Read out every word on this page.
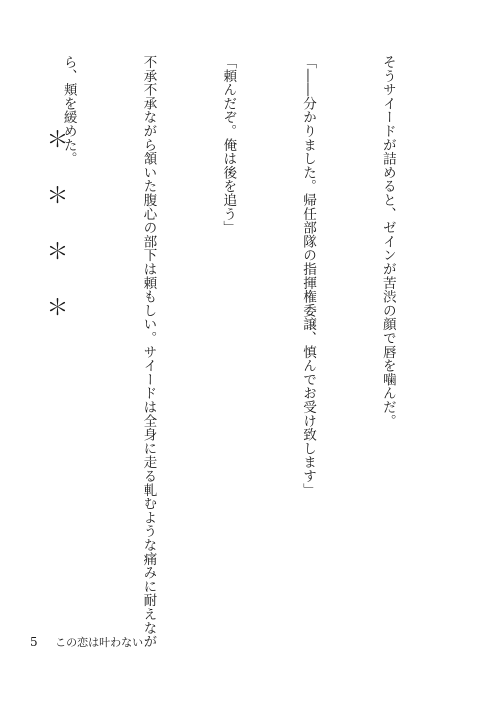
そうサイードが詰めると、ゼインが苦渋の顔で唇を噛んだ。

「――分かりました。帰任部隊の指揮権委譲、慎んでお受け致します」

「頼んだぞ。俺は後を追う」

不承不承ながら頷いた腹心の部下は頼もしい。サイードは全身に走る軋むような痛みに耐えなが

ら、頬を緩めた。

＊＊＊＊
5 この恋は叶わない
